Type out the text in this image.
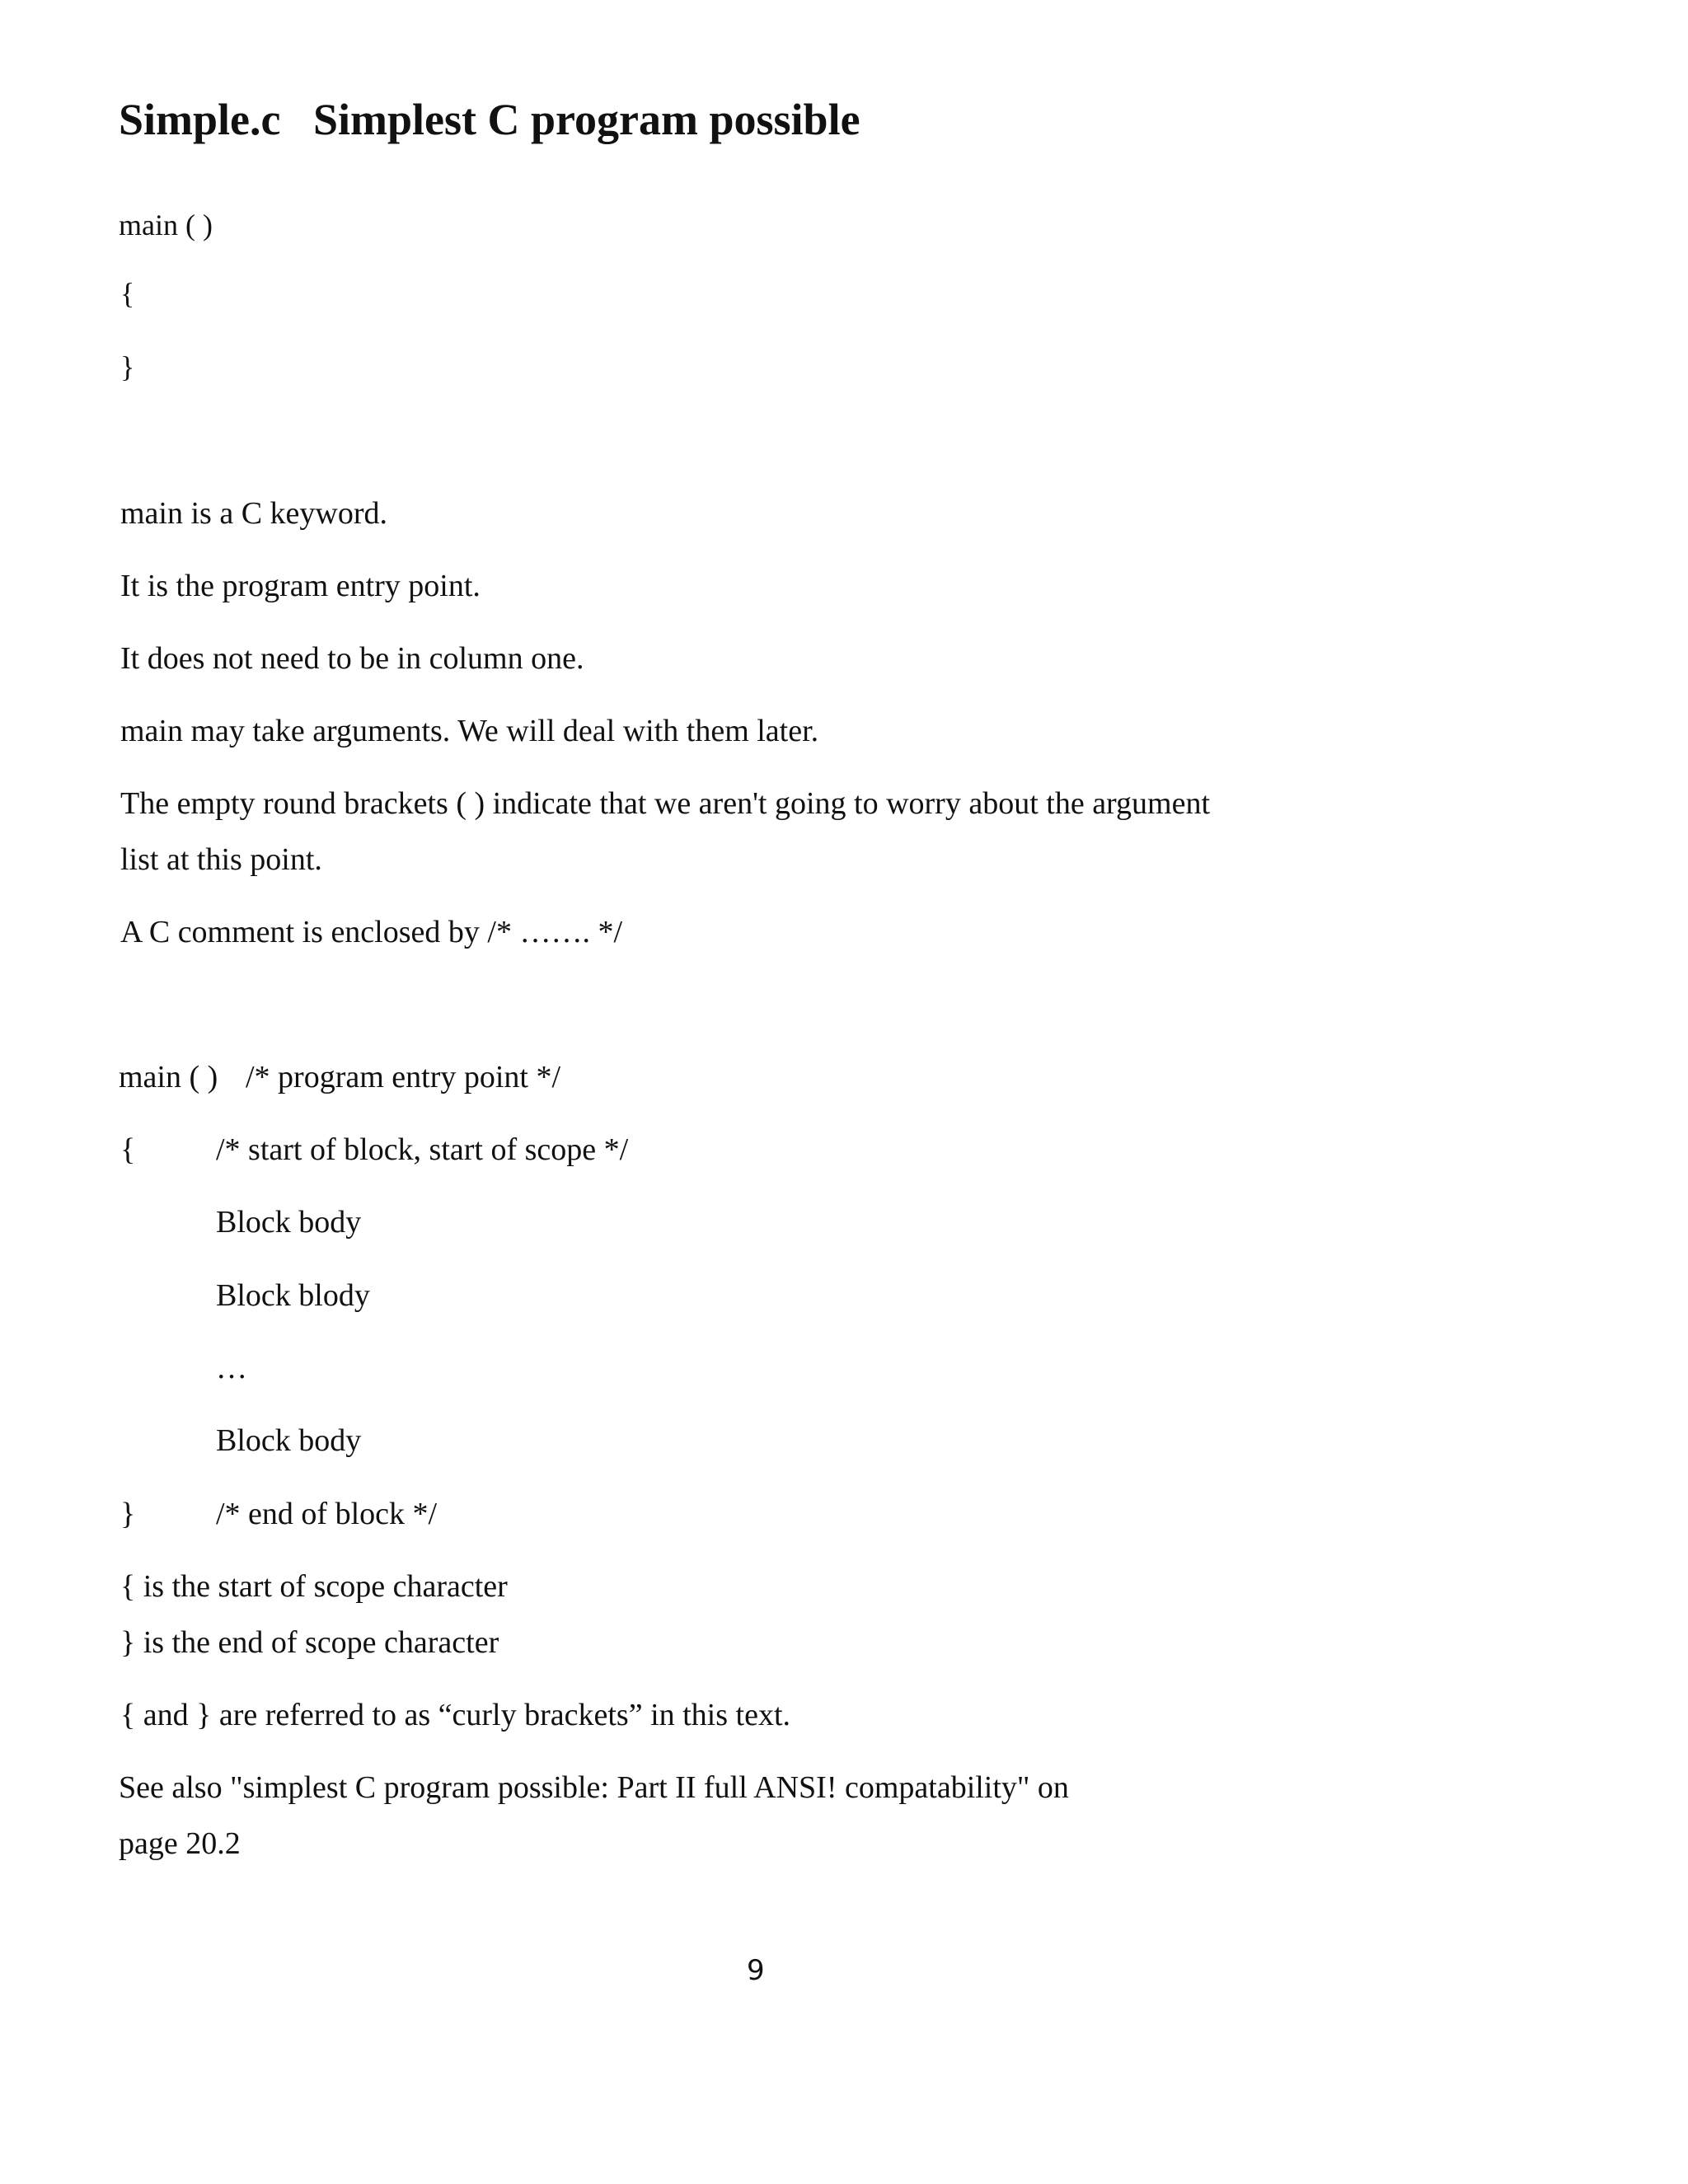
Simple.c Simplest C program possible
main ( )
{
}
main is a C keyword.
It is the program entry point.
It does not need to be in column one.
main may take arguments. We will deal with them later.
The empty round brackets ( ) indicate that we aren't going to worry about the argument
list at this point.
A C comment is enclosed by /* ……. */
main ( ) /* program entry point */
{	/* start of block, start of scope */
Block body
Block blody
…
Block body
}	/* end of block */
{ is the start of scope character
} is the end of scope character
{ and } are referred to as “curly brackets” in this text.
See also "simplest C program possible: Part II full ANSI! compatability" on
page 20.2
9
